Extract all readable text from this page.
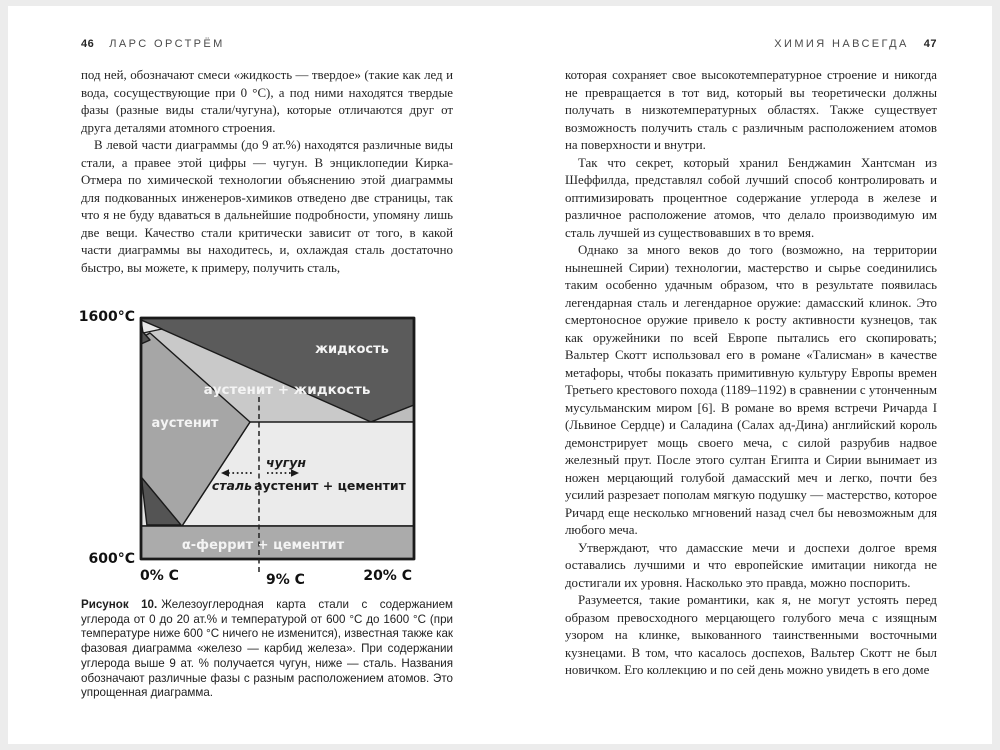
46 ЛАРС ОРСТРЁМ

под ней, обозначают смеси «жидкость — твердое» (такие как лед и вода, сосуществующие при 0 °C), а под ними находятся твердые фазы (разные виды стали/чугуна), которые отличаются друг от друга деталями атомного строения.

В левой части диаграммы (до 9 ат.%) находятся различные виды стали, а правее этой цифры — чугун. В энциклопедии Кирка-Отмера по химической технологии объяснению этой диаграммы для подкованных инженеров-химиков отведено две страницы, так что я не буду вдаваться в дальнейшие подробности, упомяну лишь две вещи. Качество стали критически зависит от того, в какой части диаграммы вы находитесь, и, охлаждая сталь достаточно быстро, вы можете, к примеру, получить сталь,

жидкость
аустенит + жидкость
аустенит
чугун
сталь аустенит + цементит
α-феррит + цементит
1600°C
600°C
0% C	9% C	20% C

Рисунок 10. Железоуглеродная карта стали с содержанием углерода от 0 до 20 ат.% и температурой от 600 °C до 1600 °C (при температуре ниже 600 °C ничего не изменится), известная также как фазовая диаграмма «железо — карбид железа». При содержании углерода выше 9 ат. % получается чугун, ниже — сталь. Названия обозначают различные фазы с разным расположением атомов. Это упрощенная диаграмма.

ХИМИЯ НАВСЕГДА 47

которая сохраняет свое высокотемпературное строение и никогда не превращается в тот вид, который вы теоретически должны получать в низкотемпературных областях. Также существует возможность получить сталь с различным расположением атомов на поверхности и внутри.

Так что секрет, который хранил Бенджамин Хантсман из Шеффилда, представлял собой лучший способ контролировать и оптимизировать процентное содержание углерода в железе и различное расположение атомов, что делало производимую им сталь лучшей из существовавших в то время.

Однако за много веков до того (возможно, на территории нынешней Сирии) технологии, мастерство и сырье соединились таким особенно удачным образом, что в результате появилась легендарная сталь и легендарное оружие: дамасский клинок. Это смертоносное оружие привело к росту активности кузнецов, так как оружейники по всей Европе пытались его скопировать; Вальтер Скотт использовал его в романе «Талисман» в качестве метафоры, чтобы показать примитивную культуру Европы времен Третьего крестового похода (1189–1192) в сравнении с утонченным мусульманским миром [6]. В романе во время встречи Ричарда I (Львиное Сердце) и Саладина (Салах ад-Дина) английский король демонстрирует мощь своего меча, с силой разрубив надвое железный прут. После этого султан Египта и Сирии вынимает из ножен мерцающий голубой дамасский меч и легко, почти без усилий разрезает пополам мягкую подушку — мастерство, которое Ричард еще несколько мгновений назад счел бы невозможным для любого меча.

Утверждают, что дамасские мечи и доспехи долгое время оставались лучшими и что европейские имитации никогда не достигали их уровня. Насколько это правда, можно поспорить.

Разумеется, такие романтики, как я, не могут устоять перед образом превосходного мерцающего голубого меча с изящным узором на клинке, выкованного таинственными восточными кузнецами. В том, что касалось доспехов, Вальтер Скотт не был новичком. Его коллекцию и по сей день можно увидеть в его доме
